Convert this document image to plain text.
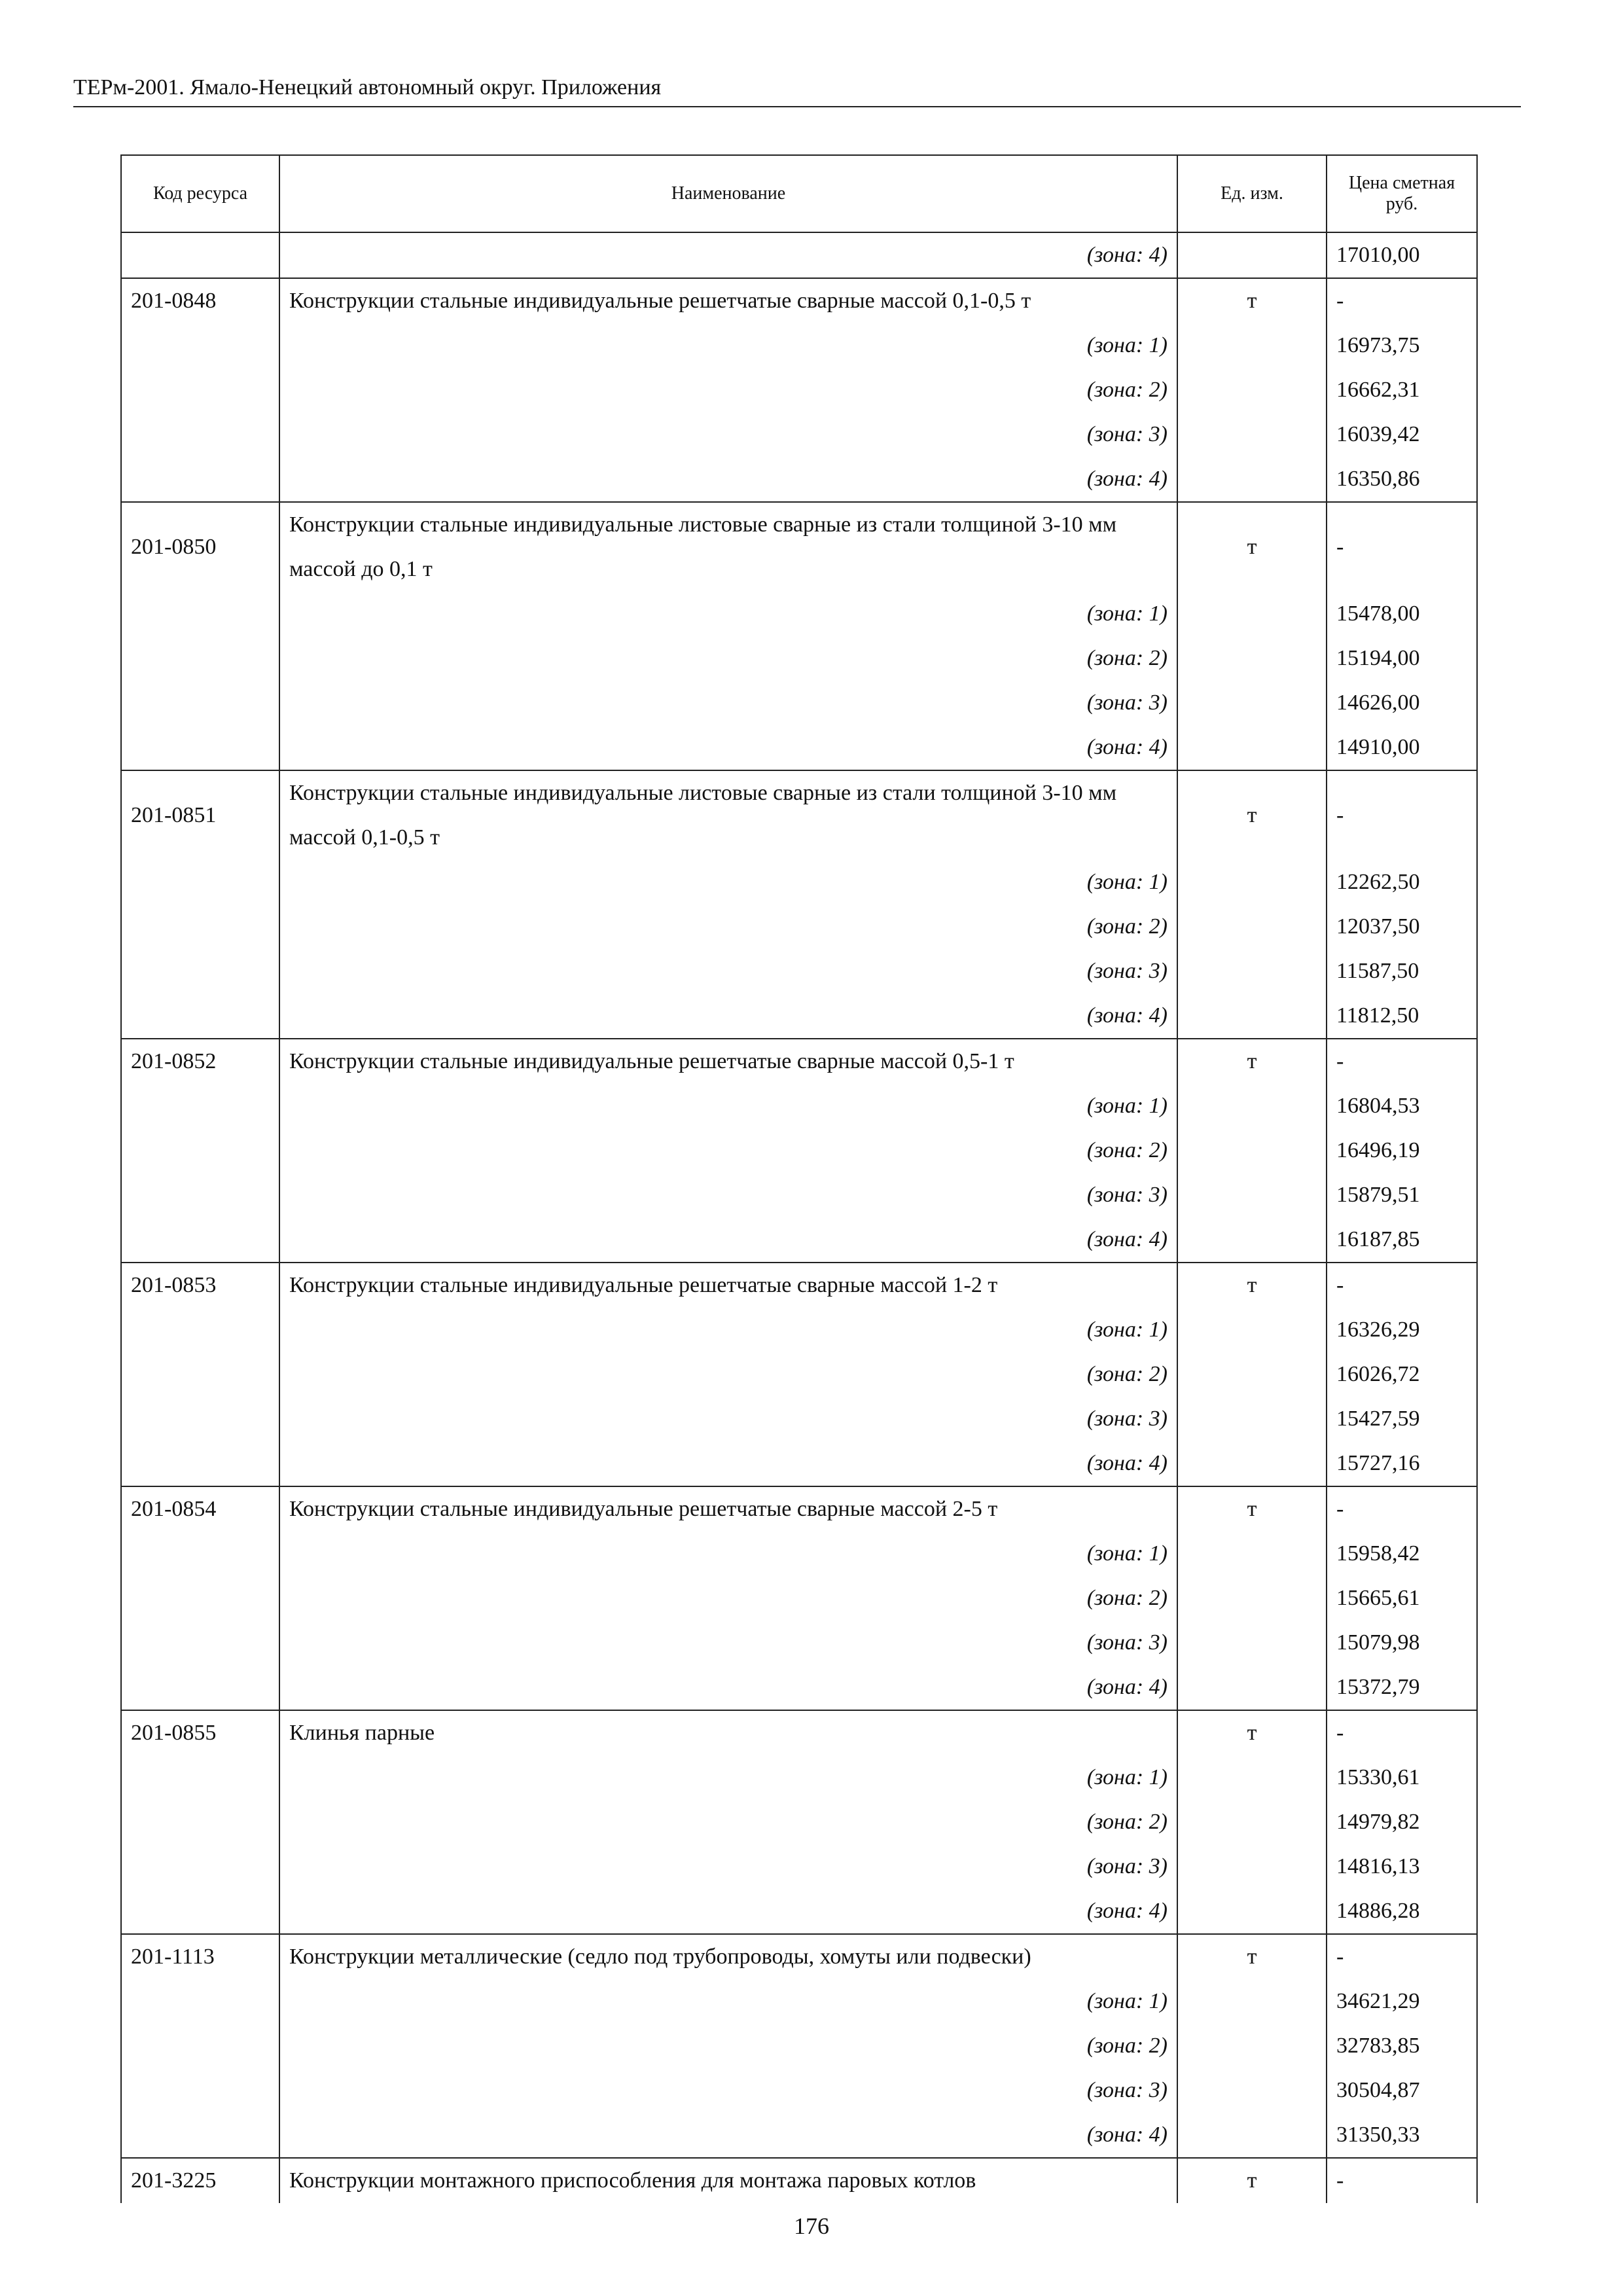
ТЕРм-2001. Ямало-Ненецкий автономный округ. Приложения
Код ресурса	Наименование	Ед. изм.	Цена сметная руб.
	(зона: 4)		17010,00
201-0848	Конструкции стальные индивидуальные решетчатые сварные массой 0,1-0,5 т	т	-
	(зона: 1)		16973,75
	(зона: 2)		16662,31
	(зона: 3)		16039,42
	(зона: 4)		16350,86
201-0850	Конструкции стальные индивидуальные листовые сварные из стали толщиной 3-10 мм массой до 0,1 т	т	-
	(зона: 1)		15478,00
	(зона: 2)		15194,00
	(зона: 3)		14626,00
	(зона: 4)		14910,00
201-0851	Конструкции стальные индивидуальные листовые сварные из стали толщиной 3-10 мм массой 0,1-0,5 т	т	-
	(зона: 1)		12262,50
	(зона: 2)		12037,50
	(зона: 3)		11587,50
	(зона: 4)		11812,50
201-0852	Конструкции стальные индивидуальные решетчатые сварные массой 0,5-1 т	т	-
	(зона: 1)		16804,53
	(зона: 2)		16496,19
	(зона: 3)		15879,51
	(зона: 4)		16187,85
201-0853	Конструкции стальные индивидуальные решетчатые сварные массой 1-2 т	т	-
	(зона: 1)		16326,29
	(зона: 2)		16026,72
	(зона: 3)		15427,59
	(зона: 4)		15727,16
201-0854	Конструкции стальные индивидуальные решетчатые сварные массой 2-5 т	т	-
	(зона: 1)		15958,42
	(зона: 2)		15665,61
	(зона: 3)		15079,98
	(зона: 4)		15372,79
201-0855	Клинья парные	т	-
	(зона: 1)		15330,61
	(зона: 2)		14979,82
	(зона: 3)		14816,13
	(зона: 4)		14886,28
201-1113	Конструкции металлические (седло под трубопроводы, хомуты или подвески)	т	-
	(зона: 1)		34621,29
	(зона: 2)		32783,85
	(зона: 3)		30504,87
	(зона: 4)		31350,33
201-3225	Конструкции монтажного приспособления для монтажа паровых котлов	т	-
176
